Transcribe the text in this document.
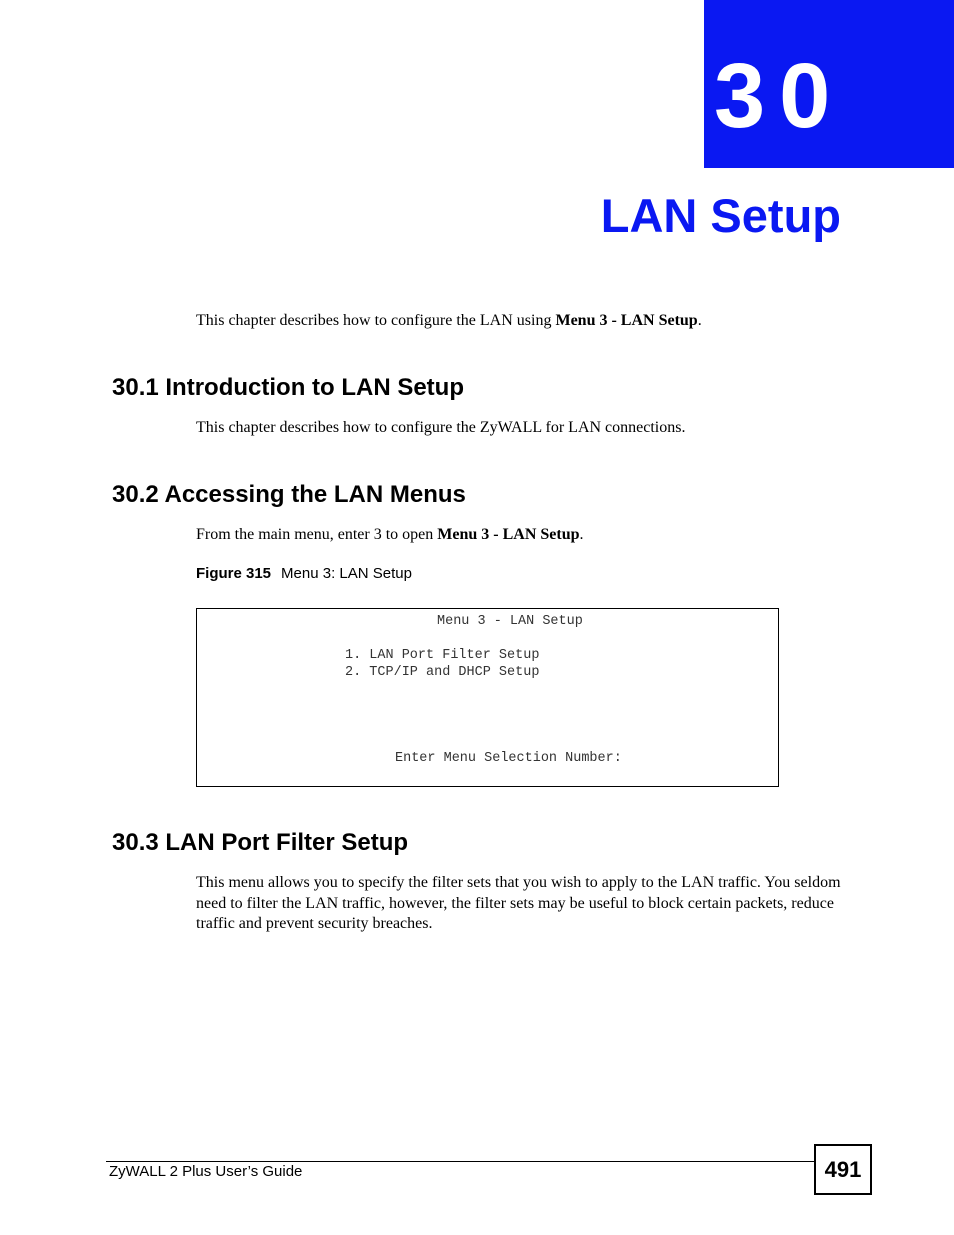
30
LAN Setup
This chapter describes how to configure the LAN using Menu 3 - LAN Setup.
30.1 Introduction to LAN Setup
This chapter describes how to configure the ZyWALL for LAN connections.
30.2 Accessing the LAN Menus
From the main menu, enter 3 to open Menu 3 - LAN Setup.
Figure 315 Menu 3: LAN Setup
Menu 3 - LAN Setup
1. LAN Port Filter Setup
2. TCP/IP and DHCP Setup
Enter Menu Selection Number:
30.3 LAN Port Filter Setup
This menu allows you to specify the filter sets that you wish to apply to the LAN traffic. You seldom need to filter the LAN traffic, however, the filter sets may be useful to block certain packets, reduce traffic and prevent security breaches.
ZyWALL 2 Plus User’s Guide	491
